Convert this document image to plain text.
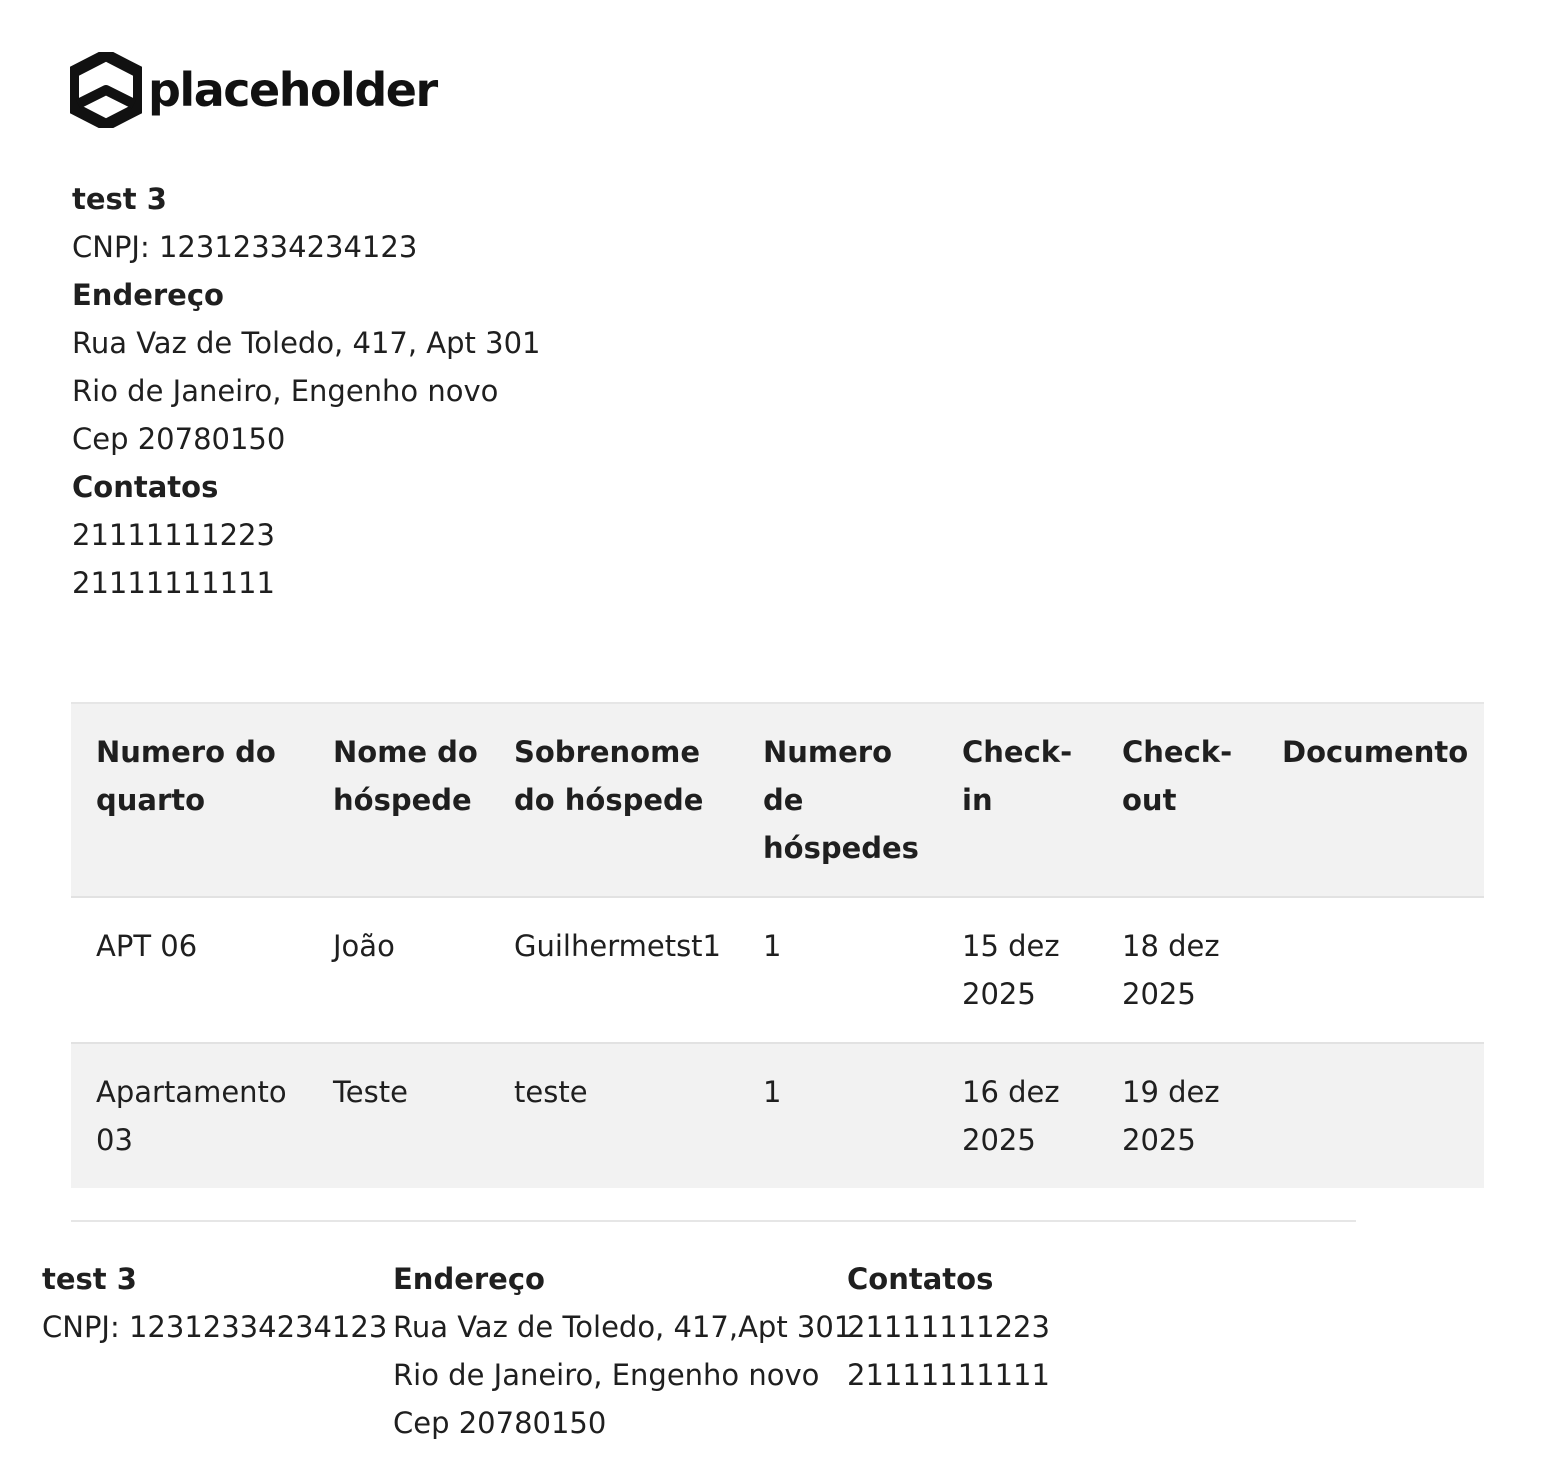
placeholder
test 3
CNPJ: 12312334234123
Endereço
Rua Vaz de Toledo, 417, Apt 301
Rio de Janeiro, Engenho novo
Cep 20780150
Contatos
21111111223
21111111111
Numero do quarto	Nome do hóspede	Sobrenome do hóspede	Numero de hóspedes	Check-in	Check-out	Documento
APT 06	João	Guilhermetst1	1	15 dez 2025	18 dez 2025	
Apartamento 03	Teste	teste	1	16 dez 2025	19 dez 2025	
test 3
CNPJ: 12312334234123
Endereço
Rua Vaz de Toledo, 417,Apt 301
Rio de Janeiro, Engenho novo
Cep 20780150
Contatos
21111111223
21111111111
